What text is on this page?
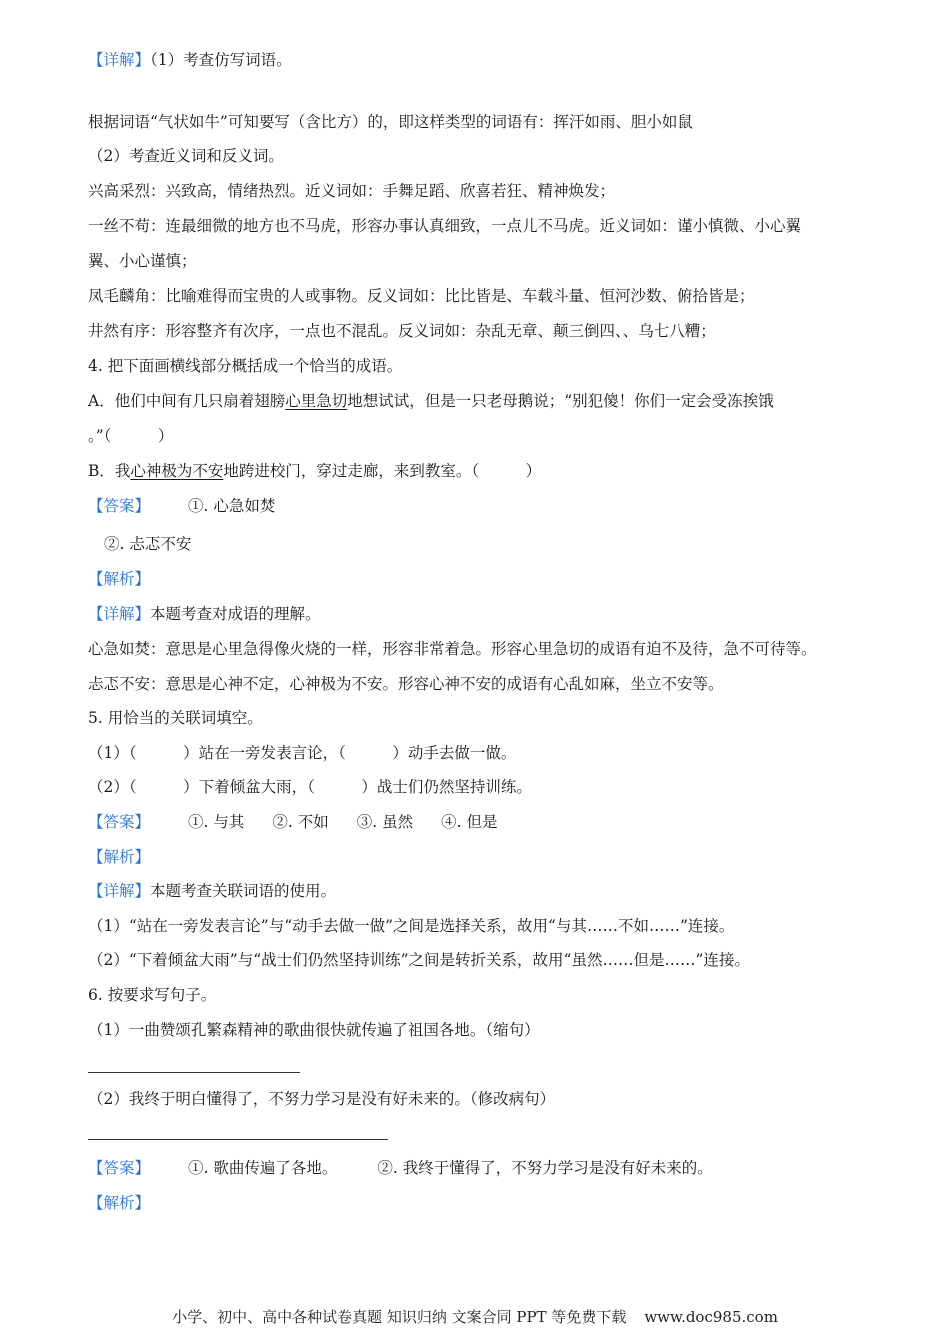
【详解】（1）考查仿写词语。
根据词语“气状如牛”可知要写（含比方）的，即这样类型的词语有：挥汗如雨、胆小如鼠
（2）考查近义词和反义词。
兴高采烈：兴致高，情绪热烈。近义词如：手舞足蹈、欣喜若狂、精神焕发；
一丝不苟：连最细微的地方也不马虎，形容办事认真细致，一点儿不马虎。近义词如：谨小慎微、小心翼
翼、小心谨慎；
凤毛麟角：比喻难得而宝贵的人或事物。反义词如：比比皆是、车载斗量、恒河沙数、俯拾皆是；
井然有序：形容整齐有次序，一点也不混乱。反义词如：杂乱无章、颠三倒四、、乌七八糟；
4. 把下面画横线部分概括成一个恰当的成语。
A．他们中间有几只扇着翅膀心里急切地想试试，但是一只老母鹅说；“别犯傻！你们一定会受冻挨饿
。”（　　　）
B．我心神极为不安地跨进校门，穿过走廊，来到教室。（　　　）
【答案】 ①. 心急如焚
②. 忐忑不安
【解析】
【详解】本题考查对成语的理解。
心急如焚：意思是心里急得像火烧的一样，形容非常着急。形容心里急切的成语有迫不及待，急不可待等。
忐忑不安：意思是心神不定，心神极为不安。形容心神不安的成语有心乱如麻，坐立不安等。
5. 用恰当的关联词填空。
（1）（　　　）站在一旁发表言论，（　　　）动手去做一做。
（2）（　　　）下着倾盆大雨，（　　　）战士们仍然坚持训练。
【答案】 ①. 与其 ②. 不如 ③. 虽然 ④. 但是
【解析】
【详解】本题考查关联词语的使用。
（1）“站在一旁发表言论”与“动手去做一做”之间是选择关系，故用“与其……不如……”连接。
（2）“下着倾盆大雨”与“战士们仍然坚持训练”之间是转折关系，故用“虽然……但是……”连接。
6. 按要求写句子。
（1）一曲赞颂孔繁森精神的歌曲很快就传遍了祖国各地。（缩句）
（2）我终于明白懂得了，不努力学习是没有好未来的。（修改病句）
【答案】 ①. 歌曲传遍了各地。	②. 我终于懂得了，不努力学习是没有好未来的。
【解析】
小学、初中、高中各种试卷真题 知识归纳 文案合同 PPT 等免费下载 www.doc985.com
